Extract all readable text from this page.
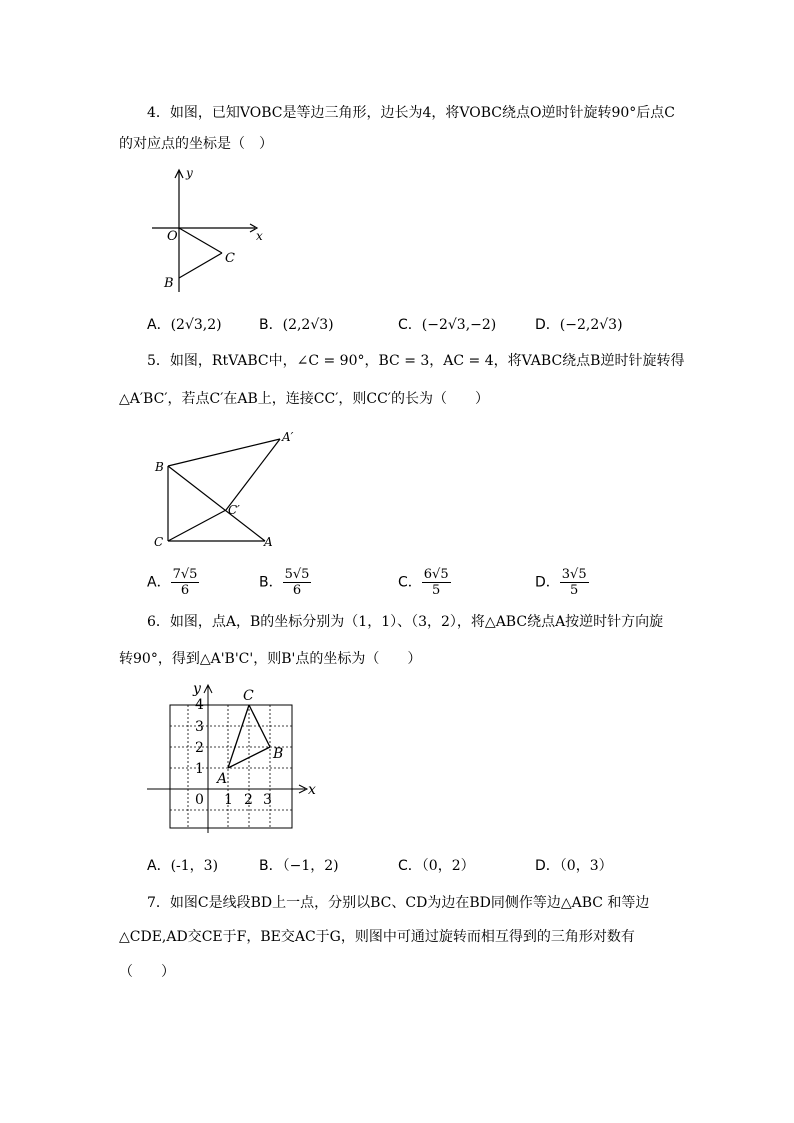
4．如图，已知VOBC是等边三角形，边长为4，将VOBC绕点O逆时针旋转90°后点C
的对应点的坐标是（　）
y
x
O
C
B
A．(2√3,2)	B．(2,2√3)	C．(−2√3,−2)	D．(−2,2√3)
5．如图，RtVABC中，∠C = 90°，BC = 3，AC = 4，将VABC绕点B逆时针旋转得
△A′BC′，若点C′在AB上，连接CC′，则CC′的长为（　　）
A′
B
C′
C	A
A． $\frac{7√5}{6}$	B． $\frac{5√5}{6}$	C． $\frac{6√5}{5}$	D． $\frac{3√5}{5}$
6．如图，点A，B的坐标分别为（1，1）、（3，2），将△ABC绕点A按逆时针方向旋
转90°，得到△A'B'C'，则B'点的坐标为（　　）
y
x
C
B
A
4
3
2
1
0 1 2 3
A．(-1，3)	B．（−1，2)	C．（0，2）	D．（0，3）
7．如图C是线段BD上一点，分别以BC、CD为边在BD同侧作等边△ABC 和等边
△CDE,AD交CE于F，BE交AC于G，则图中可通过旋转而相互得到的三角形对数有
（　　）
